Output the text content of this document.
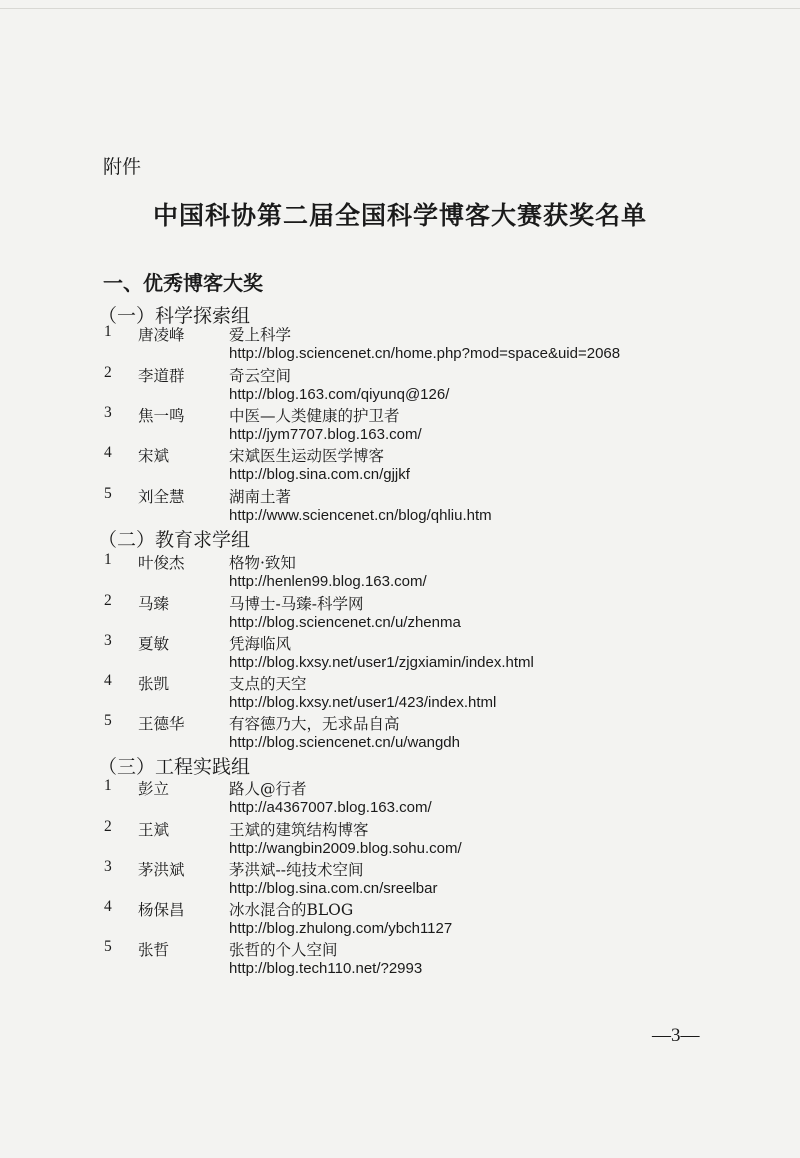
附件
中国科协第二届全国科学博客大赛获奖名单
一、优秀博客大奖
（一）科学探索组
1 唐凌峰	爱上科学
http://blog.sciencenet.cn/home.php?mod=space&uid=2068
2 李道群	奇云空间
http://blog.163.com/qiyunq@126/
3 焦一鸣	中医—人类健康的护卫者
http://jym7707.blog.163.com/
4 宋斌	宋斌医生运动医学博客
http://blog.sina.com.cn/gjjkf
5 刘全慧	湖南土著
http://www.sciencenet.cn/blog/qhliu.htm
（二）教育求学组
1 叶俊杰	格物·致知
http://henlen99.blog.163.com/
2 马臻	马博士-马臻-科学网
http://blog.sciencenet.cn/u/zhenma
3 夏敏	凭海临风
http://blog.kxsy.net/user1/zjgxiamin/index.html
4 张凯	支点的天空
http://blog.kxsy.net/user1/423/index.html
5 王德华	有容德乃大，无求品自高
http://blog.sciencenet.cn/u/wangdh
（三）工程实践组
1 彭立	路人@行者
http://a4367007.blog.163.com/
2 王斌	王斌的建筑结构博客
http://wangbin2009.blog.sohu.com/
3 茅洪斌	茅洪斌--纯技术空间
http://blog.sina.com.cn/sreelbar
4 杨保昌	冰水混合的BLOG
http://blog.zhulong.com/ybch1127
5 张哲	张哲的个人空间
http://blog.tech110.net/?2993
—3—
